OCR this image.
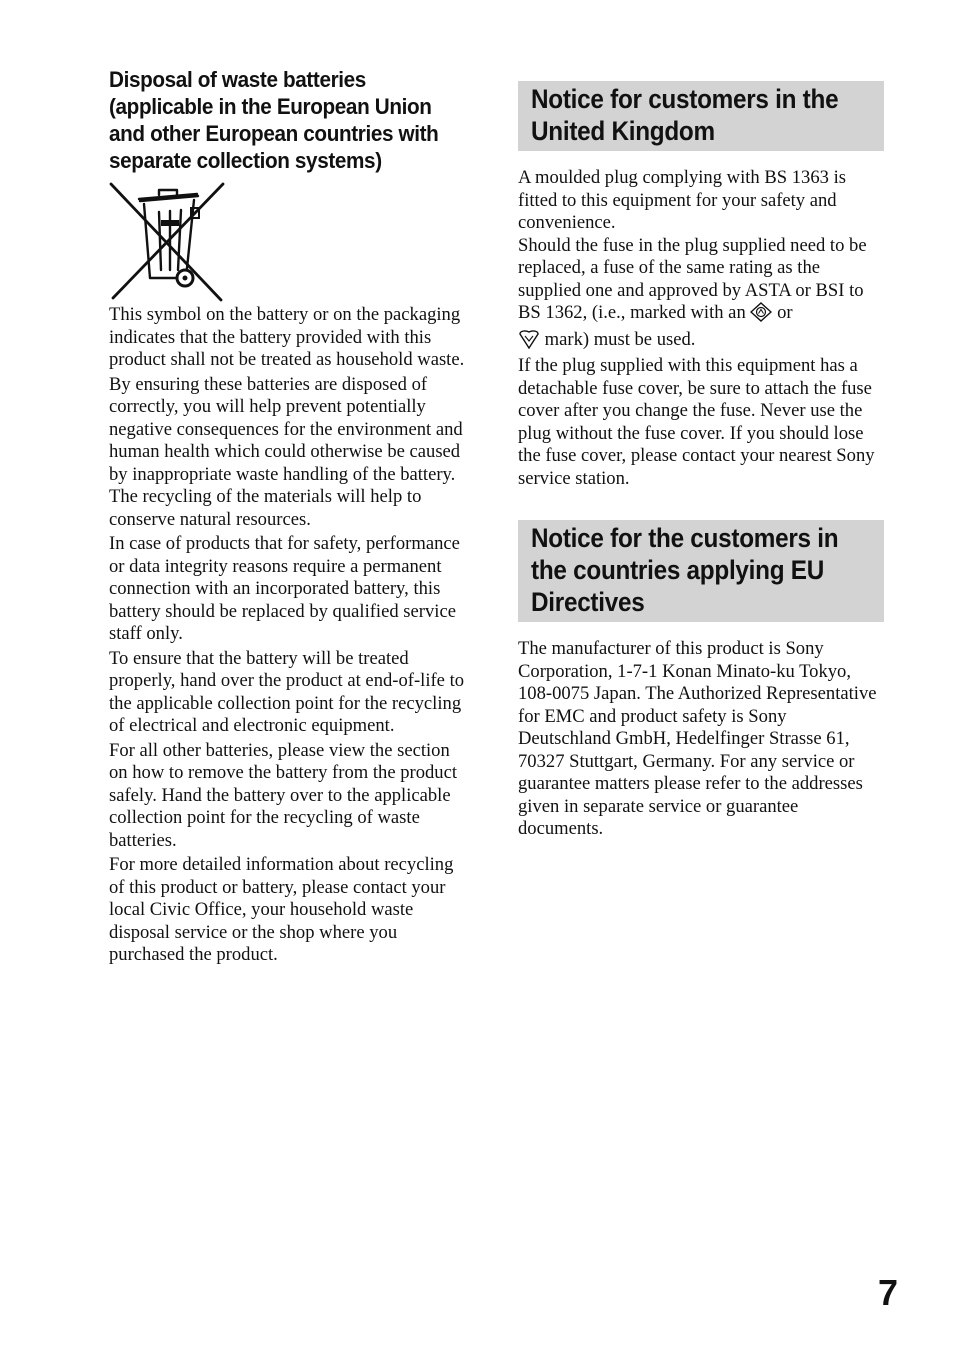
Disposal of waste batteries (applicable in the European Union and other European countries with separate collection systems)

This symbol on the battery or on the packaging indicates that the battery provided with this product shall not be treated as household waste.

By ensuring these batteries are disposed of correctly, you will help prevent potentially negative consequences for the environment and human health which could otherwise be caused by inappropriate waste handling of the battery. The recycling of the materials will help to conserve natural resources.

In case of products that for safety, performance or data integrity reasons require a permanent connection with an incorporated battery, this battery should be replaced by qualified service staff only.

To ensure that the battery will be treated properly, hand over the product at end-of-life to the applicable collection point for the recycling of electrical and electronic equipment.

For all other batteries, please view the section on how to remove the battery from the product safely. Hand the battery over to the applicable collection point for the recycling of waste batteries.

For more detailed information about recycling of this product or battery, please contact your local Civic Office, your household waste disposal service or the shop where you purchased the product.

Notice for customers in the
United Kingdom

A moulded plug complying with BS 1363 is fitted to this equipment for your safety and convenience.

Should the fuse in the plug supplied need to be replaced, a fuse of the same rating as the supplied one and approved by ASTA or BSI to BS 1362, (i.e., marked with an or
mark) must be used.

If the plug supplied with this equipment has a detachable fuse cover, be sure to attach the fuse cover after you change the fuse. Never use the plug without the fuse cover. If you should lose the fuse cover, please contact your nearest Sony service station.

Notice for the customers in
the countries applying EU
Directives

The manufacturer of this product is Sony Corporation, 1-7-1 Konan Minato-ku Tokyo, 108-0075 Japan. The Authorized Representative for EMC and product safety is Sony Deutschland GmbH, Hedelfinger Strasse 61, 70327 Stuttgart, Germany. For any service or guarantee matters please refer to the addresses given in separate service or guarantee documents.

7
